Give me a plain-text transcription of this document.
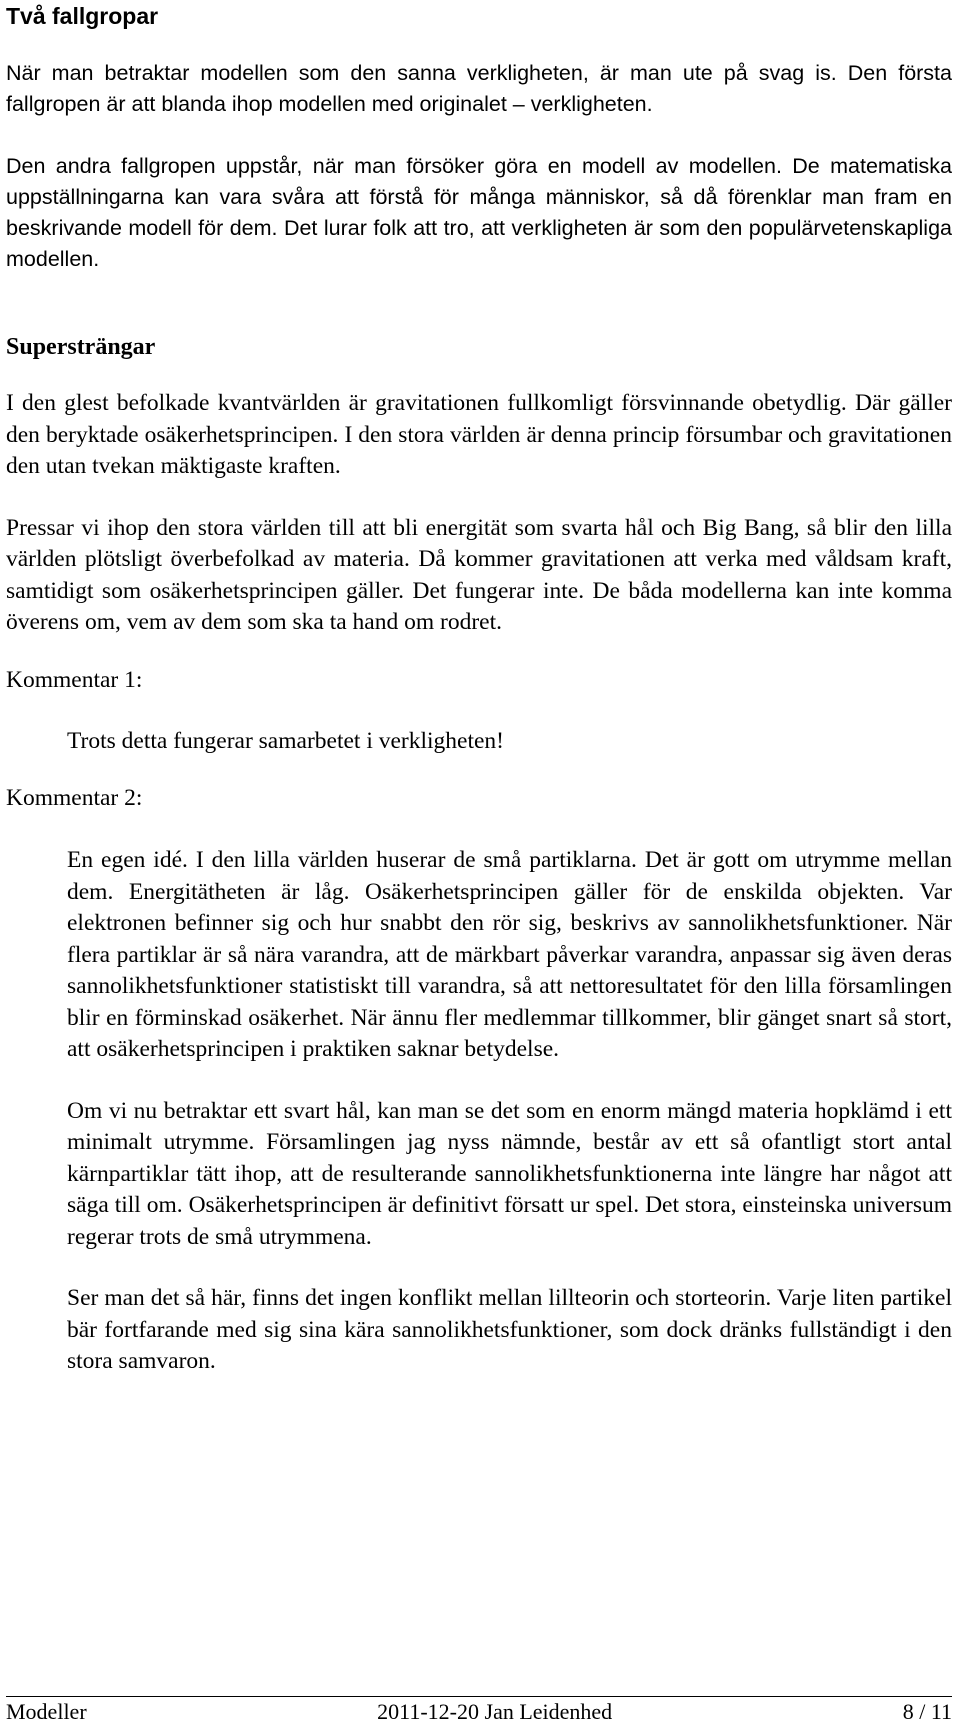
Två fallgropar

När man betraktar modellen som den sanna verkligheten, är man ute på svag is. Den första fallgropen är att blanda ihop modellen med originalet – verkligheten.

Den andra fallgropen uppstår, när man försöker göra en modell av modellen. De matematiska uppställningarna kan vara svåra att förstå för många människor, så då förenklar man fram en beskrivande modell för dem. Det lurar folk att tro, att verkligheten är som den populärvetenskapliga modellen.

Supersträngar

I den glest befolkade kvantvärlden är gravitationen fullkomligt försvinnande obetydlig. Där gäller den beryktade osäkerhetsprincipen. I den stora världen är denna princip försumbar och gravitationen den utan tvekan mäktigaste kraften.

Pressar vi ihop den stora världen till att bli energität som svarta hål och Big Bang, så blir den lilla världen plötsligt överbefolkad av materia. Då kommer gravitationen att verka med våldsam kraft, samtidigt som osäkerhetsprincipen gäller. Det fungerar inte. De båda modellerna kan inte komma överens om, vem av dem som ska ta hand om rodret.

Kommentar 1:

Trots detta fungerar samarbetet i verkligheten!

Kommentar 2:

En egen idé. I den lilla världen huserar de små partiklarna. Det är gott om utrymme mellan dem. Energitätheten är låg. Osäkerhetsprincipen gäller för de enskilda objekten. Var elektronen befinner sig och hur snabbt den rör sig, beskrivs av sannolikhetsfunktioner. När flera partiklar är så nära varandra, att de märkbart påverkar varandra, anpassar sig även deras sannolikhetsfunktioner statistiskt till varandra, så att nettoresultatet för den lilla församlingen blir en förminskad osäkerhet. När ännu fler medlemmar tillkommer, blir gänget snart så stort, att osäkerhetsprincipen i praktiken saknar betydelse.

Om vi nu betraktar ett svart hål, kan man se det som en enorm mängd materia hopklämd i ett minimalt utrymme. Församlingen jag nyss nämnde, består av ett så ofantligt stort antal kärnpartiklar tätt ihop, att de resulterande sannolikhetsfunktionerna inte längre har något att säga till om. Osäkerhetsprincipen är definitivt försatt ur spel. Det stora, einsteinska universum regerar trots de små utrymmena.

Ser man det så här, finns det ingen konflikt mellan lillteorin och storteorin. Varje liten partikel bär fortfarande med sig sina kära sannolikhetsfunktioner, som dock dränks fullständigt i den stora samvaron.

Modeller	2011-12-20 Jan Leidenhed	8 / 11
